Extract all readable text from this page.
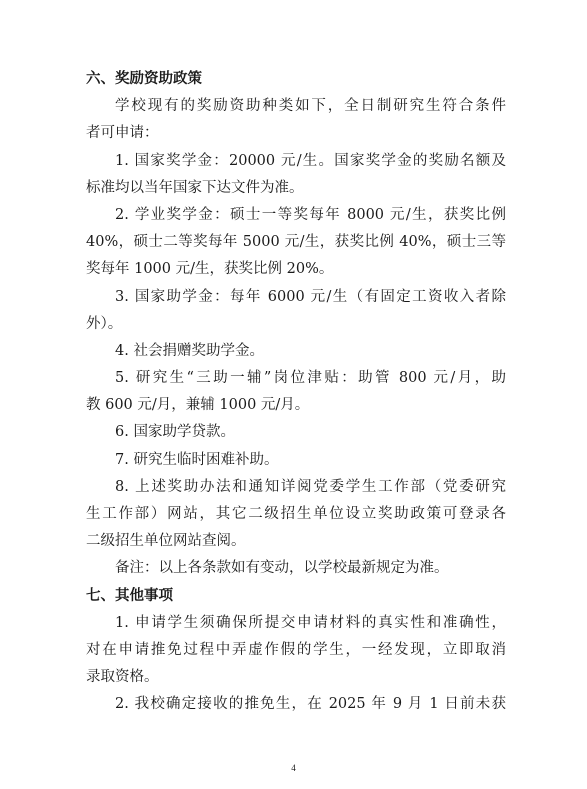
六、奖励资助政策
学校现有的奖励资助种类如下，全日制研究生符合条件
者可申请：
1. 国家奖学金：20000 元/生。国家奖学金的奖励名额及
标准均以当年国家下达文件为准。
2. 学业奖学金：硕士一等奖每年 8000 元/生，获奖比例
40%，硕士二等奖每年 5000 元/生，获奖比例 40%，硕士三等
奖每年 1000 元/生，获奖比例 20%。
3. 国家助学金：每年 6000 元/生（有固定工资收入者除
外）。
4. 社会捐赠奖助学金。
5. 研究生“三助一辅”岗位津贴：助管 800 元/月，助
教 600 元/月，兼辅 1000 元/月。
6. 国家助学贷款。
7. 研究生临时困难补助。
8. 上述奖助办法和通知详阅党委学生工作部（党委研究
生工作部）网站，其它二级招生单位设立奖助政策可登录各
二级招生单位网站查阅。
备注：以上各条款如有变动，以学校最新规定为准。
七、其他事项
1. 申请学生须确保所提交申请材料的真实性和准确性，
对在申请推免过程中弄虚作假的学生，一经发现，立即取消
录取资格。
2. 我校确定接收的推免生，在 2025 年 9 月 1 日前未获
4
